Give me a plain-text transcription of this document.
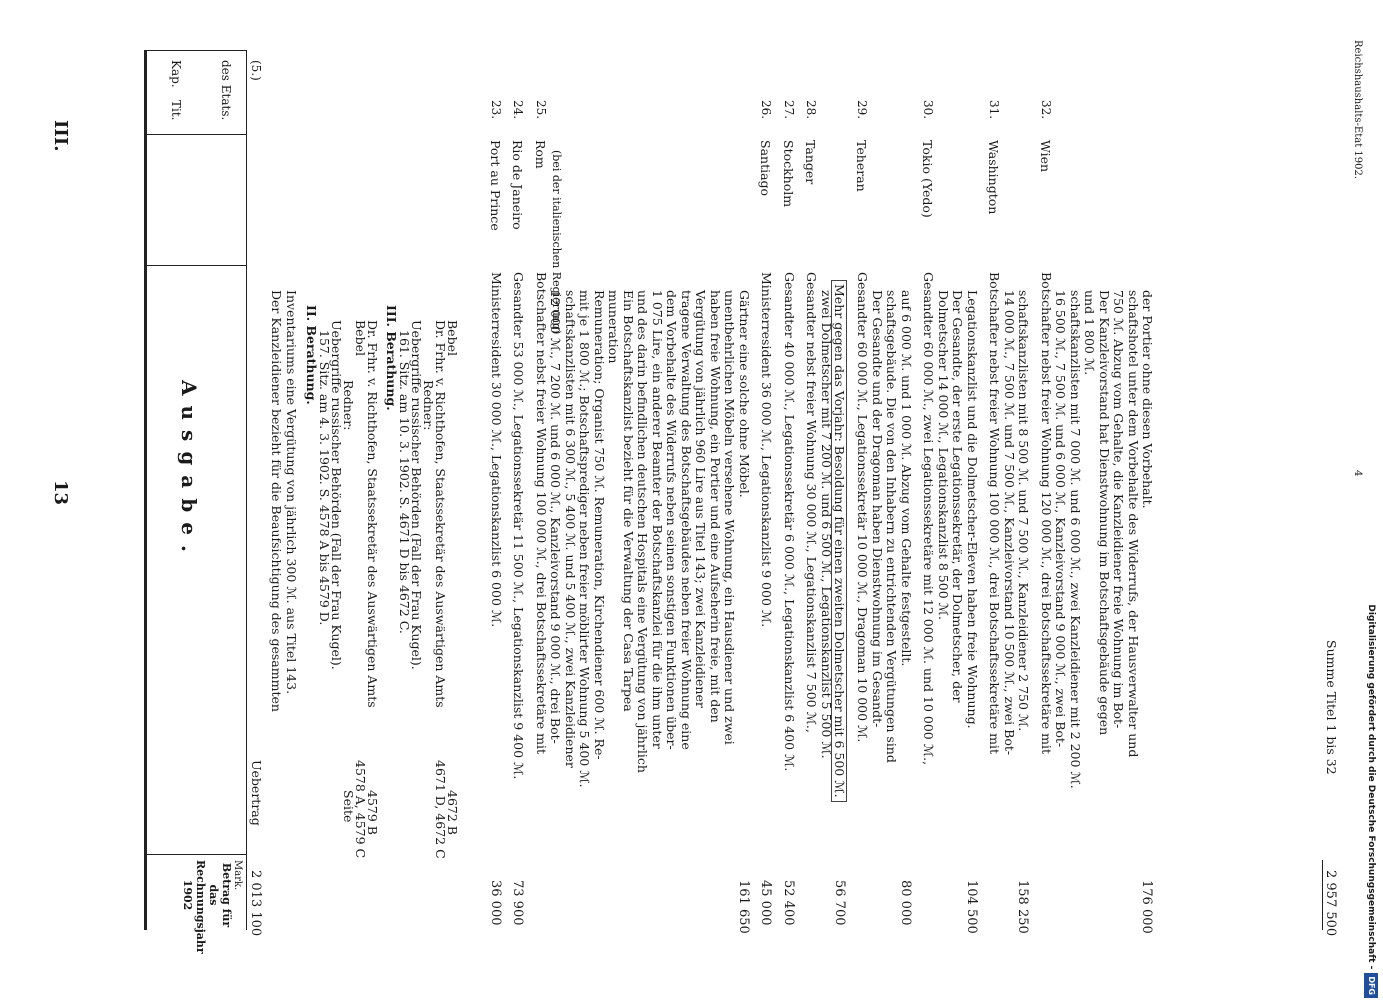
13
III.
Ausgabe.
Kap.
Tit.	des Etats.
Betrag für das Rechnungsjahr 1902
Mark.
(5.)
Uebertrag
2 013 100
Der Kanzleidiener bezieht für die Beaufsichtigung des gesammten Inventariums eine Vergütung von jährlich 300 ℳ. aus Titel 143. II. Berathung.
157. Sitz. am 4. 3. 1902. S. 4578 A bis 4579 D.
Uebergriffe russischer Behörden (Fall der Frau Kugel).
Seite
Redner:
Bebel
4578 A, 4579 C
Dr. Frhr. v. Richthofen, Staatssekretär des Auswärtigen Amts
4579 B
III. Berathung.
161. Sitz. am 10. 3. 1902. S. 4671 D bis 4672 C.
Uebergriffe russischer Behörden (Fall der Frau Kugel).
Redner:
Dr. Frhr. v. Richthofen, Staatssekretär des Auswärtigen Amts
4671 D, 4672 C
Bebel
4672 B
23.
Port au Prince
Ministerresident 30 000 ℳ., Legationskanzlist 6 000 ℳ.
36 000
24.
Rio de Janeiro
Gesandter 53 000 ℳ., Legationssekretär 11 500 ℳ., Legationskanzlist 9 400 ℳ.
73 900
25.
Rom (bei der italienischen Regierung)
Botschafter nebst freier Wohnung 100 000 ℳ., drei Botschaftssekretäre mit 12 000 ℳ., 7 200 ℳ. und 6 000 ℳ., Kanzleivorstand 9 000 ℳ., drei Bot- schaftskanzlisten mit 6 300 ℳ., 5 400 ℳ. und 5 400 ℳ., zwei Kanzleidiener mit je 1 800 ℳ.; Botschaftsprediger neben freier möblirter Wohnung 5 400 ℳ. Remuneration; Organist 750 ℳ. Remuneration, Kirchendiener 600 ℳ. Re- muneration Ein Botschaftskanzlist bezieht für die Verwaltung der Casa Tarpea und des darin befindlichen deutschen Hospitals eine Vergütung von jährlich 1 075 Lire, ein anderer Beamter der Botschaftskanzlei für die ihm unter dem Vorbehalte des Widerrufs neben seinen sonstigen Funktionen über- tragene Verwaltung des Botschaftsgebäudes neben freier Wohnung eine Vergütung von jährlich 960 Lire aus Titel 143; zwei Kanzleidiener haben freie Wohnung, ein Portier und eine Aufseherin freie, mit den unentbehrlichen Möbeln versehene Wohnung, ein Hausdiener und zwei Gärtner eine solche ohne Möbel.
161 650
26.
Santiago
Ministerresident 36 000 ℳ., Legationskanzlist 9 000 ℳ.
45 000
27.
Stockholm
Gesandter 40 000 ℳ., Legationssekretär 6 000 ℳ., Legationskanzlist 6 400 ℳ.
52 400
28.
Tanger
Gesandter nebst freier Wohnung 30 000 ℳ., Legationskanzlist 7 500 ℳ., zwei Dolmetscher mit 7 200 ℳ. und 6 500 ℳ., Legationskanzlist 5 500 ℳ.
Mehr gegen das Vorjahr: Besoldung für einen zweiten Dolmetscher mit 6 500 ℳ.
56 700
29.
Teheran
Gesandter 60 000 ℳ., Legationssekretär 10 000 ℳ., Dragoman 10 000 ℳ. Der Gesandte und der Dragoman haben Dienstwohnung im Gesandt- schaftsgebäude. Die von den Inhabern zu entrichtenden Vergütungen sind auf 6 000 ℳ. und 1 000 ℳ. Abzug vom Gehalte festgestellt.
80 000
30.
Tokio (Yedo)
Gesandter 60 000 ℳ., zwei Legationssekretäre mit 12 000 ℳ. und 10 000 ℳ., Dolmetscher 14 000 ℳ., Legationskanzlist 8 500 ℳ. Der Gesandte, der erste Legationssekretär, der Dolmetscher, der Legationskanzlist und die Dolmetscher-Eleven haben freie Wohnung.
104 500
31.
Washington
Botschafter nebst freier Wohnung 100 000 ℳ., drei Botschaftssekretäre mit 14 000 ℳ., 7 500 ℳ. und 7 500 ℳ., Kanzleivorstand 10 500 ℳ., zwei Bot- schaftskanzlisten mit 8 500 ℳ. und 7 500 ℳ., Kanzleidiener 2 750 ℳ.
158 250
32.
Wien
Botschafter nebst freier Wohnung 120 000 ℳ., drei Botschaftssekretäre mit 16 500 ℳ., 7 500 ℳ. und 6 000 ℳ., Kanzleivorstand 9 000 ℳ., zwei Bot- schaftskanzlisten mit 7 000 ℳ. und 6 000 ℳ., zwei Kanzleidiener mit 2 200 ℳ. und 1 800 ℳ. Der Kanzleivorstand hat Dienstwohnung im Botschaftsgebäude gegen 750 ℳ. Abzug vom Gehalte, die Kanzleidiener freie Wohnung im Bot- schaftshotel unter dem Vorbehalte des Widerrufs, der Hausverwalter und der Portier ohne diesen Vorbehalt.
176 000
Summe Titel 1 bis 32
2 957 500
Reichshaushalts-Etat 1902.
4
Digitalisierung gefördert durch die Deutsche Forschungsgemeinschaft -DFG
